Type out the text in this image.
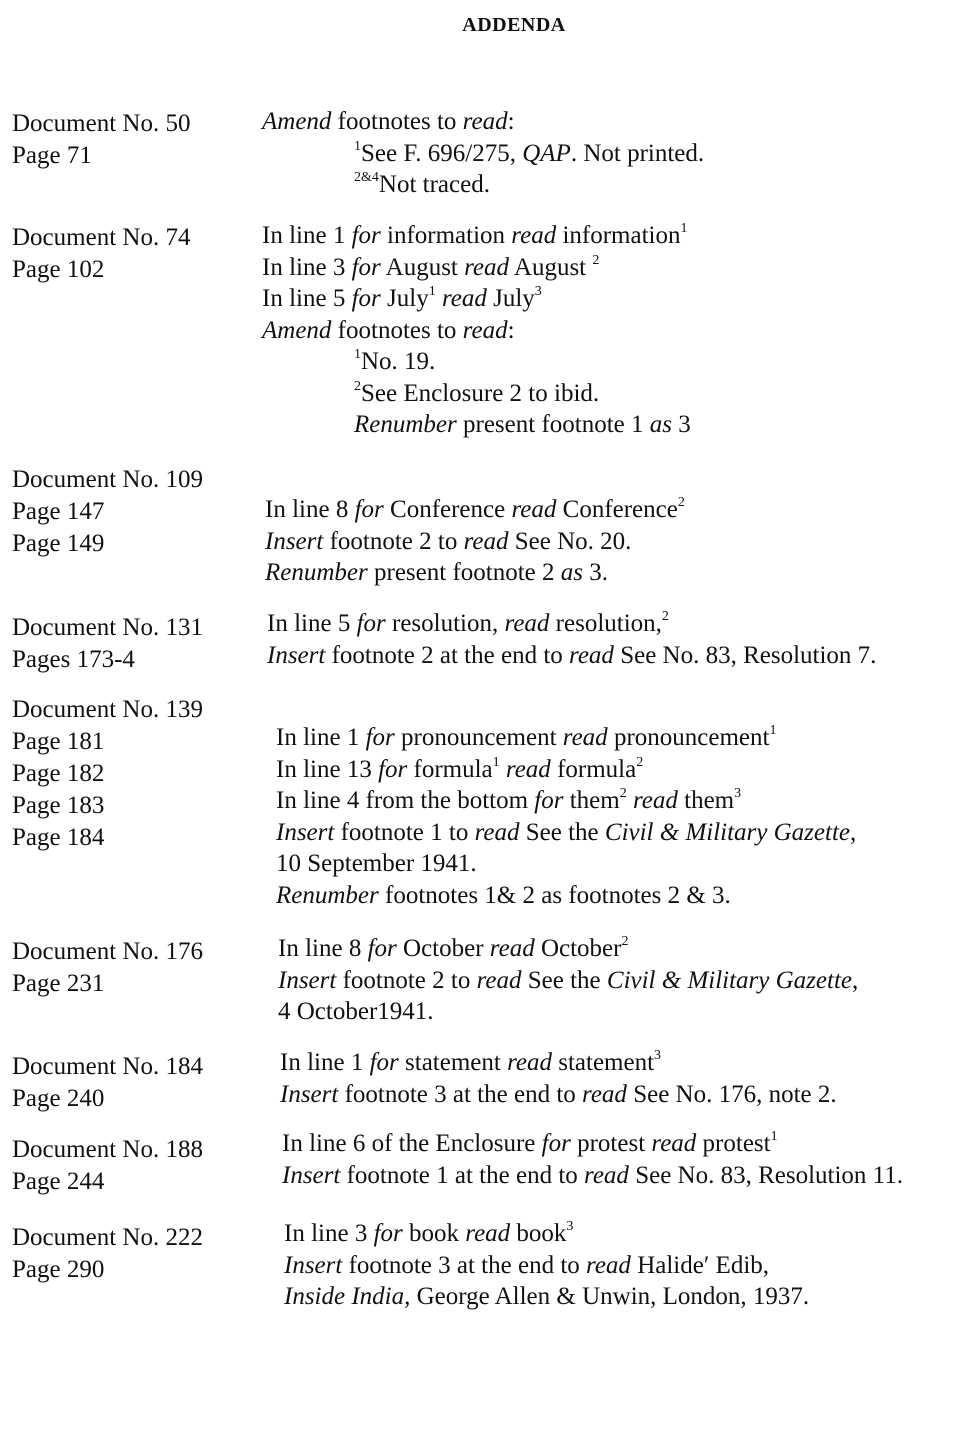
ADDENDA
Document No. 50
Page 71
Amend footnotes to read:
$^1$See F. 696/275, QAP. Not printed.
$^{2\&4}$Not traced.
Document No. 74
Page 102
In line 1 for information read information$^1$
In line 3 for August read August $^2$
In line 5 for July$^1$ read July$^3$
Amend footnotes to read:
$^1$No. 19.
$^2$See Enclosure 2 to ibid.
Renumber present footnote 1 as 3
Document No. 109
Page 147
Page 149
In line 8 for Conference read Conference$^2$
Insert footnote 2 to read See No. 20.
Renumber present footnote 2 as 3.
Document No. 131
Pages 173-4
In line 5 for resolution, read resolution,$^2$
Insert footnote 2 at the end to read See No. 83, Resolution 7.
Document No. 139
Page 181
Page 182
Page 183
Page 184
In line 1 for pronouncement read pronouncement$^1$
In line 13 for formula$^1$ read formula$^2$
In line 4 from the bottom for them$^2$ read them$^3$
Insert footnote 1 to read See the Civil & Military Gazette,
10 September 1941.
Renumber footnotes 1& 2 as footnotes 2 & 3.
Document No. 176
Page 231
In line 8 for October read October$^2$
Insert footnote 2 to read See the Civil & Military Gazette,
4 October1941.
Document No. 184
Page 240
In line 1 for statement read statement$^3$
Insert footnote 3 at the end to read See No. 176, note 2.
Document No. 188
Page 244
In line 6 of the Enclosure for protest read protest$^1$
Insert footnote 1 at the end to read See No. 83, Resolution 11.
Document No. 222
Page 290
In line 3 for book read book$^3$
Insert footnote 3 at the end to read Halide′ Edib,
Inside India, George Allen & Unwin, London, 1937.
